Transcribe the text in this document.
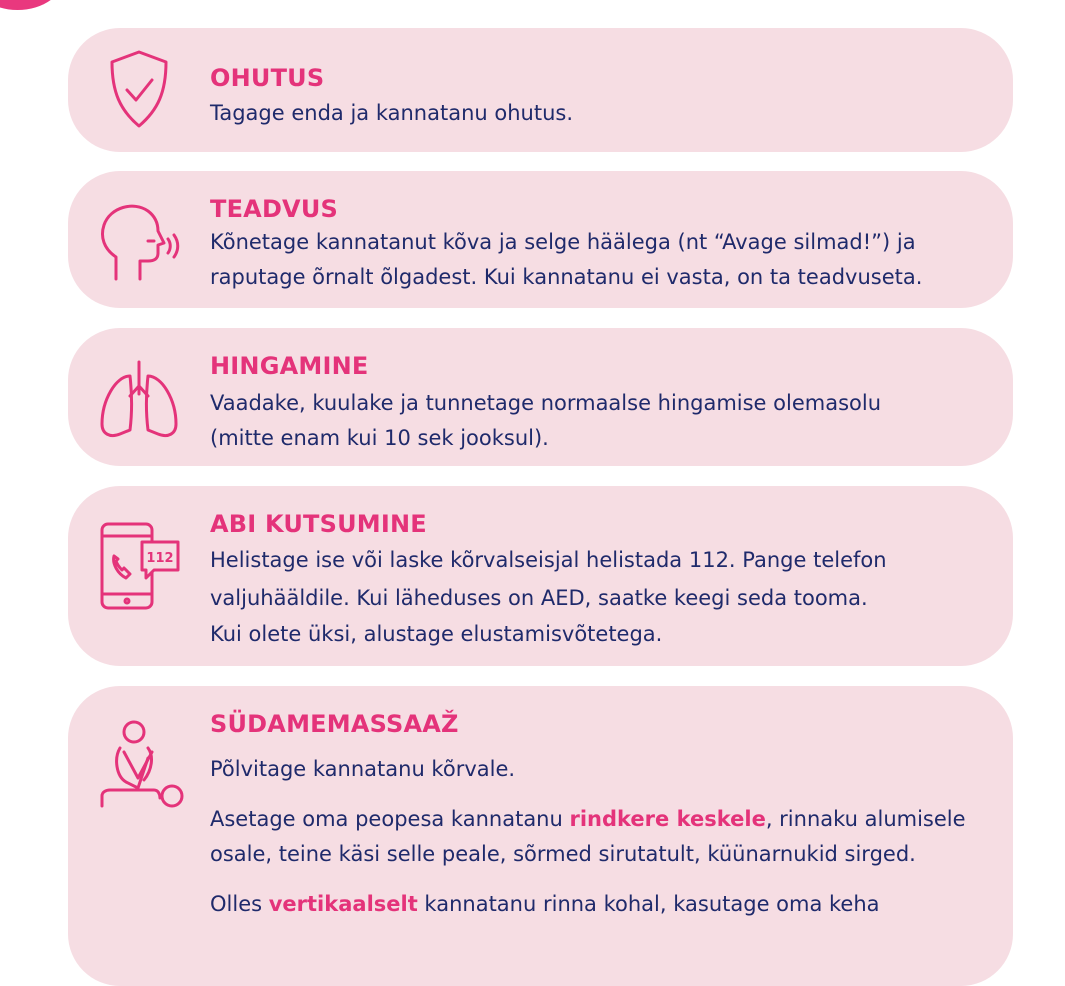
OHUTUS
Tagage enda ja kannatanu ohutus.
TEADVUS
Kõnetage kannatanut kõva ja selge häälega (nt “Avage silmad!”) ja
raputage õrnalt õlgadest. Kui kannatanu ei vasta, on ta teadvuseta.
HINGAMINE
Vaadake, kuulake ja tunnetage normaalse hingamise olemasolu
(mitte enam kui 10 sek jooksul).
112
ABI KUTSUMINE
Helistage ise või laske kõrvalseisjal helistada 112. Pange telefon
valjuhääldile. Kui läheduses on AED, saatke keegi seda tooma.
Kui olete üksi, alustage elustamisvõtetega.
SÜDAMEMASSAAŽ
Põlvitage kannatanu kõrvale.
Asetage oma peopesa kannatanu rindkere keskele, rinnaku alumisele
osale, teine käsi selle peale, sõrmed sirutatult, küünarnukid sirged.
Olles vertikaalselt kannatanu rinna kohal, kasutage oma keha
